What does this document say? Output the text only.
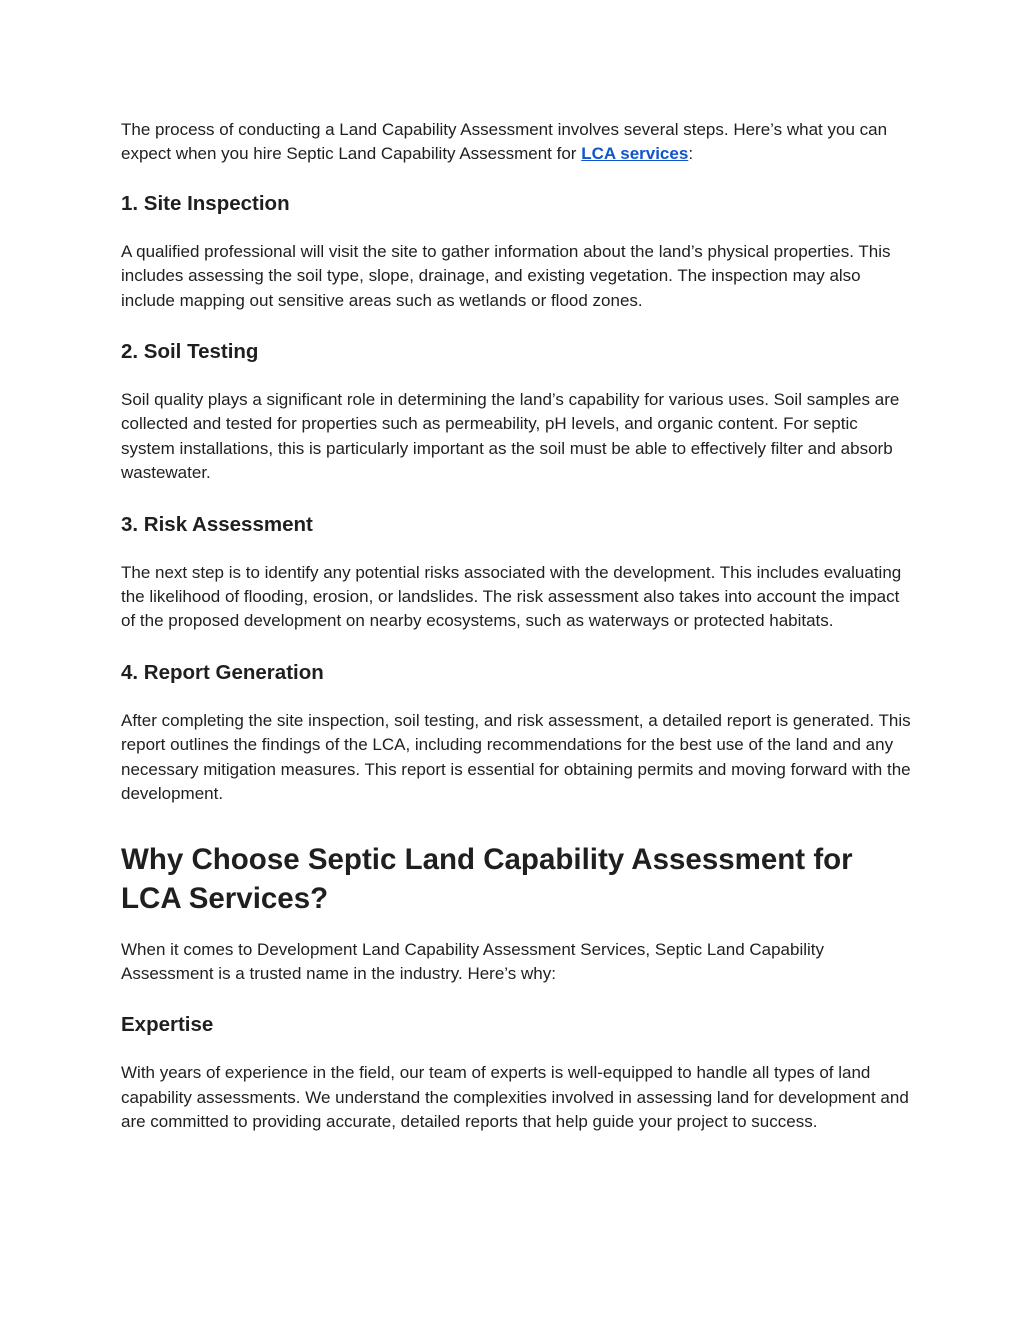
The process of conducting a Land Capability Assessment involves several steps. Here’s what you can expect when you hire Septic Land Capability Assessment for LCA services:

1. Site Inspection

A qualified professional will visit the site to gather information about the land’s physical properties. This includes assessing the soil type, slope, drainage, and existing vegetation. The inspection may also include mapping out sensitive areas such as wetlands or flood zones.

2. Soil Testing

Soil quality plays a significant role in determining the land’s capability for various uses. Soil samples are collected and tested for properties such as permeability, pH levels, and organic content. For septic system installations, this is particularly important as the soil must be able to effectively filter and absorb wastewater.

3. Risk Assessment

The next step is to identify any potential risks associated with the development. This includes evaluating the likelihood of flooding, erosion, or landslides. The risk assessment also takes into account the impact of the proposed development on nearby ecosystems, such as waterways or protected habitats.

4. Report Generation

After completing the site inspection, soil testing, and risk assessment, a detailed report is generated. This report outlines the findings of the LCA, including recommendations for the best use of the land and any necessary mitigation measures. This report is essential for obtaining permits and moving forward with the development.

Why Choose Septic Land Capability Assessment for LCA Services?

When it comes to Development Land Capability Assessment Services, Septic Land Capability Assessment is a trusted name in the industry. Here’s why:

Expertise

With years of experience in the field, our team of experts is well-equipped to handle all types of land capability assessments. We understand the complexities involved in assessing land for development and are committed to providing accurate, detailed reports that help guide your project to success.
